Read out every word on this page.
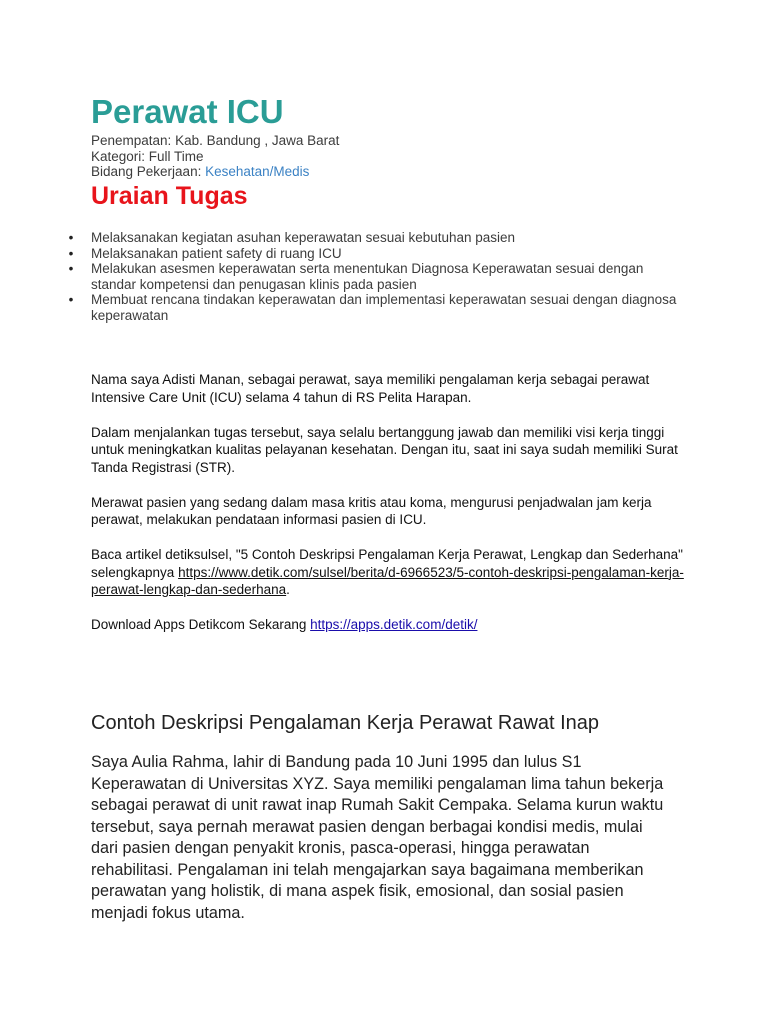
Perawat ICU
Penempatan: Kab. Bandung , Jawa Barat
Kategori: Full Time
Bidang Pekerjaan: Kesehatan/Medis
Uraian Tugas
• Melaksanakan kegiatan asuhan keperawatan sesuai kebutuhan pasien
• Melaksanakan patient safety di ruang ICU
• Melakukan asesmen keperawatan serta menentukan Diagnosa Keperawatan sesuai dengan standar kompetensi dan penugasan klinis pada pasien
• Membuat rencana tindakan keperawatan dan implementasi keperawatan sesuai dengan diagnosa keperawatan

Nama saya Adisti Manan, sebagai perawat, saya memiliki pengalaman kerja sebagai perawat Intensive Care Unit (ICU) selama 4 tahun di RS Pelita Harapan.

Dalam menjalankan tugas tersebut, saya selalu bertanggung jawab dan memiliki visi kerja tinggi untuk meningkatkan kualitas pelayanan kesehatan. Dengan itu, saat ini saya sudah memiliki Surat Tanda Registrasi (STR).

Merawat pasien yang sedang dalam masa kritis atau koma, mengurusi penjadwalan jam kerja perawat, melakukan pendataan informasi pasien di ICU.

Baca artikel detiksulsel, "5 Contoh Deskripsi Pengalaman Kerja Perawat, Lengkap dan Sederhana" selengkapnya https://www.detik.com/sulsel/berita/d-6966523/5-contoh-deskripsi-pengalaman-kerja-perawat-lengkap-dan-sederhana.

Download Apps Detikcom Sekarang https://apps.detik.com/detik/

Contoh Deskripsi Pengalaman Kerja Perawat Rawat Inap

Saya Aulia Rahma, lahir di Bandung pada 10 Juni 1995 dan lulus S1 Keperawatan di Universitas XYZ. Saya memiliki pengalaman lima tahun bekerja sebagai perawat di unit rawat inap Rumah Sakit Cempaka. Selama kurun waktu tersebut, saya pernah merawat pasien dengan berbagai kondisi medis, mulai dari pasien dengan penyakit kronis, pasca-operasi, hingga perawatan rehabilitasi. Pengalaman ini telah mengajarkan saya bagaimana memberikan perawatan yang holistik, di mana aspek fisik, emosional, dan sosial pasien menjadi fokus utama.
